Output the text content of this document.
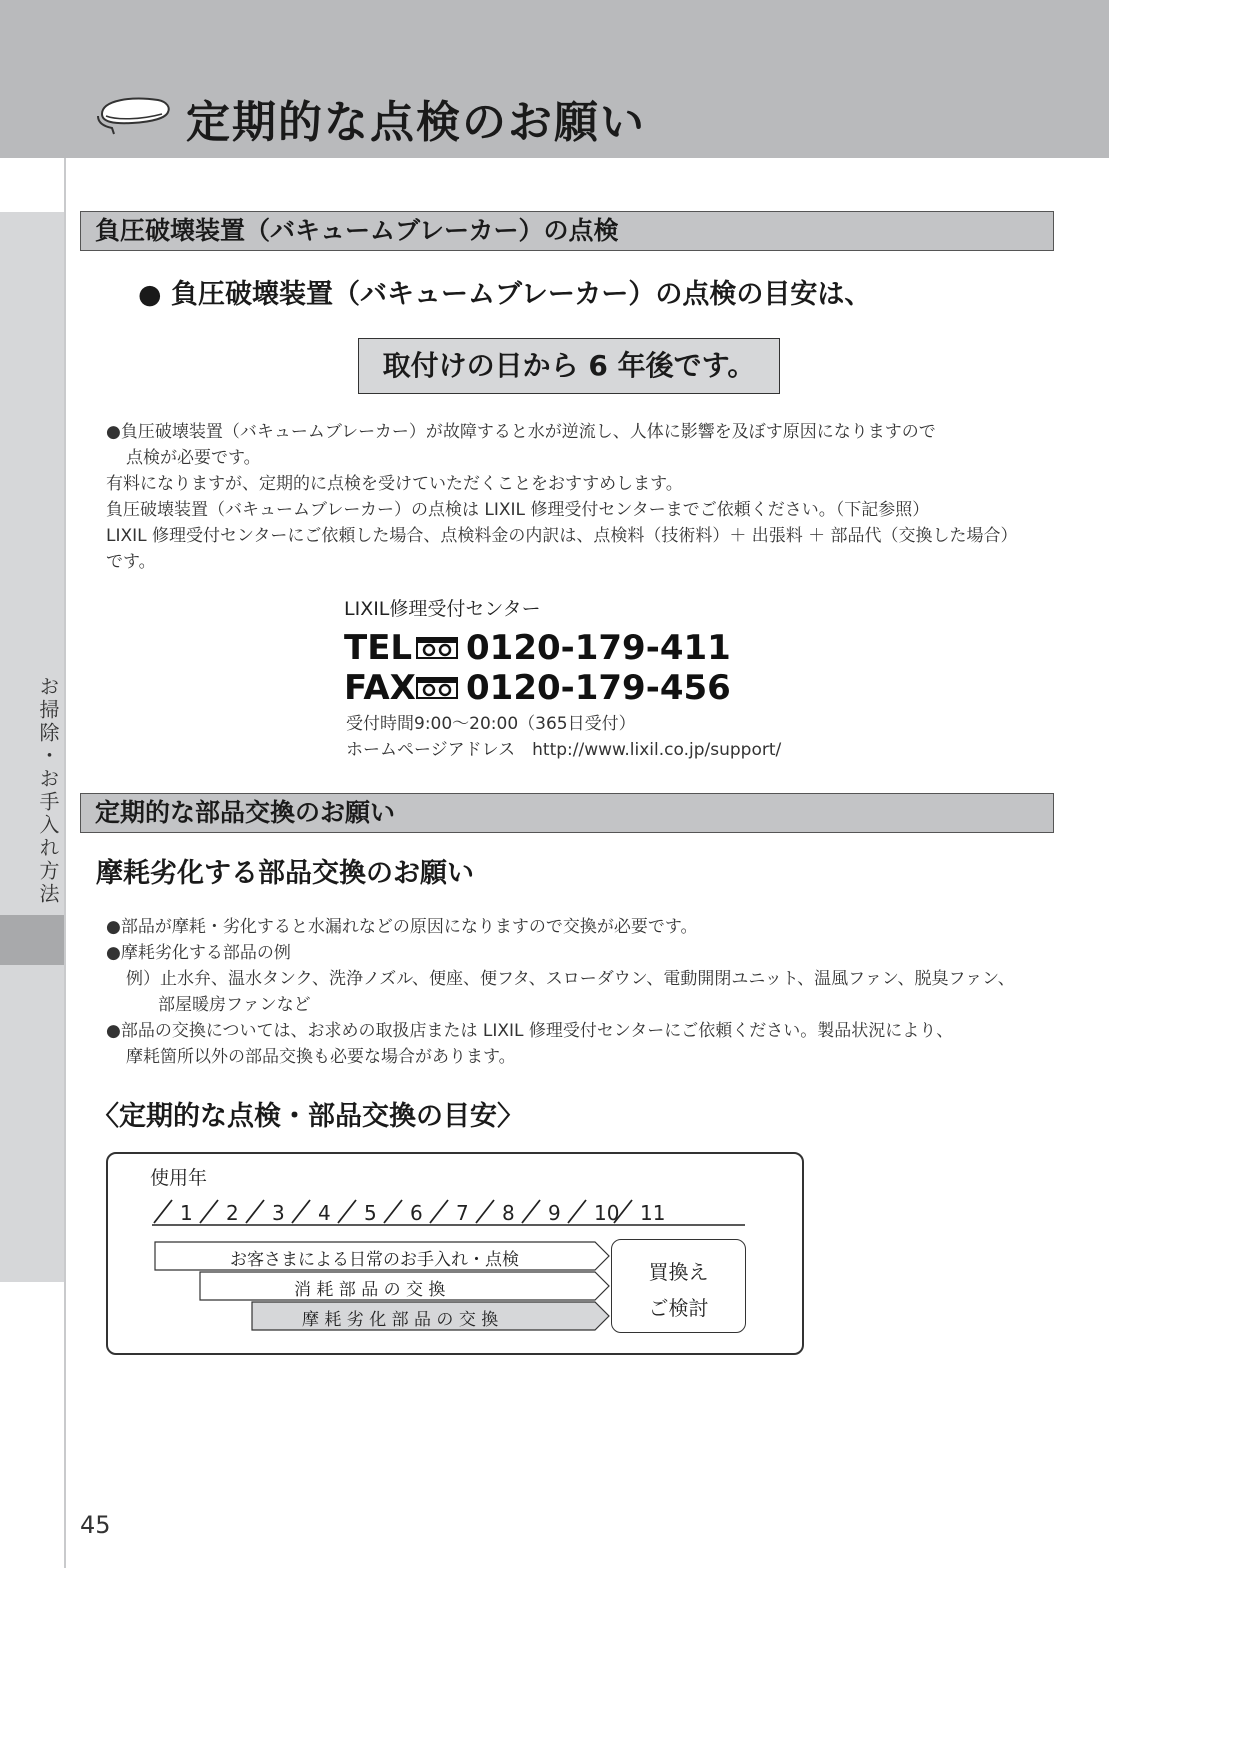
定期的な点検のお願い
お掃除・お手入れ方法
負圧破壊装置（バキュームブレーカー）の点検
● 負圧破壊装置（バキュームブレーカー）の点検の目安は、
取付けの日から 6 年後です。
●負圧破壊装置（バキュームブレーカー）が故障すると水が逆流し、人体に影響を及ぼす原因になりますので
点検が必要です。
有料になりますが、定期的に点検を受けていただくことをおすすめします。
負圧破壊装置（バキュームブレーカー）の点検は LIXIL 修理受付センターまでご依頼ください。（下記参照）
LIXIL 修理受付センターにご依頼した場合、点検料金の内訳は、点検料（技術料）＋ 出張料 ＋ 部品代（交換した場合）
です。
LIXIL修理受付センター
TEL 0120-179-411
FAX 0120-179-456
受付時間9:00～20:00（365日受付）
ホームページアドレス　http://www.lixil.co.jp/support/
定期的な部品交換のお願い
摩耗劣化する部品交換のお願い
●部品が摩耗・劣化すると水漏れなどの原因になりますので交換が必要です。
●摩耗劣化する部品の例
例）止水弁、温水タンク、洗浄ノズル、便座、便フタ、スローダウン、電動開閉ユニット、温風ファン、脱臭ファン、
部屋暖房ファンなど
●部品の交換については、お求めの取扱店または LIXIL 修理受付センターにご依頼ください。製品状況により、
摩耗箇所以外の部品交換も必要な場合があります。
〈定期的な点検・部品交換の目安〉
使用年
1 2 3 4 5 6 7 8 9 10 11
お客さまによる日常のお手入れ・点検
消 耗 部 品 の 交 換
摩 耗 劣 化 部 品 の 交 換
買換え
ご検討
45
